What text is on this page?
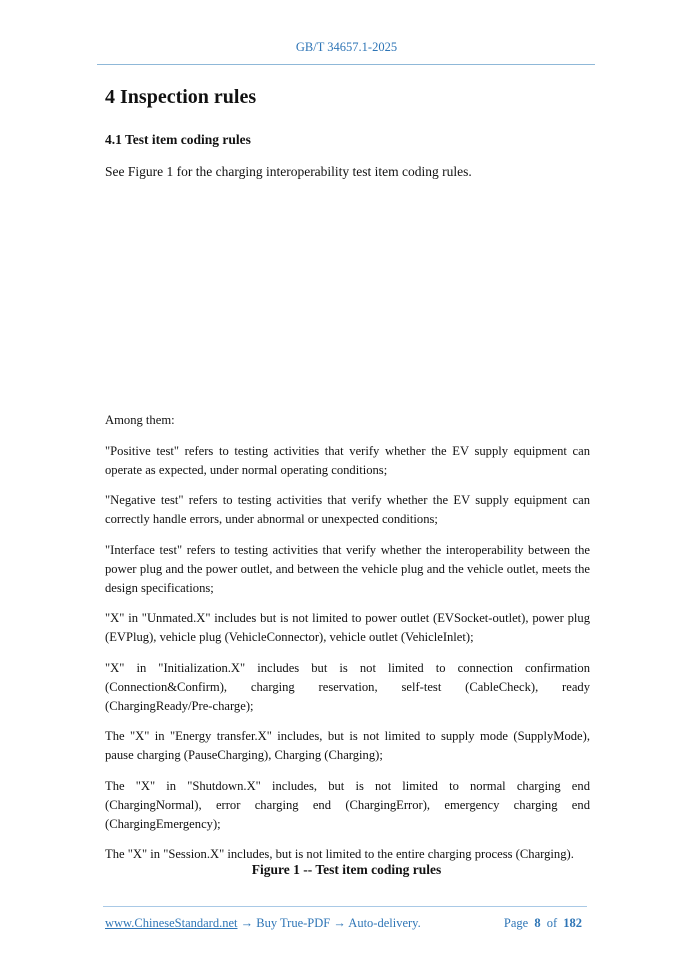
GB/T 34657.1-2025
4 Inspection rules
4.1 Test item coding rules

See Figure 1 for the charging interoperability test item coding rules.

Among them:

"Positive test" refers to testing activities that verify whether the EV supply equipment can operate as expected, under normal operating conditions;

"Negative test" refers to testing activities that verify whether the EV supply equipment can correctly handle errors, under abnormal or unexpected conditions;

"Interface test" refers to testing activities that verify whether the interoperability between the power plug and the power outlet, and between the vehicle plug and the vehicle outlet, meets the design specifications;

"X" in "Unmated.X" includes but is not limited to power outlet (EVSocket-outlet), power plug (EVPlug), vehicle plug (VehicleConnector), vehicle outlet (VehicleInlet);

"X" in "Initialization.X" includes but is not limited to connection confirmation (Connection&Confirm), charging reservation, self-test (CableCheck), ready (ChargingReady/Pre-charge);

The "X" in "Energy transfer.X" includes, but is not limited to supply mode (SupplyMode), pause charging (PauseCharging), Charging (Charging);

The "X" in "Shutdown.X" includes, but is not limited to normal charging end (ChargingNormal), error charging end (ChargingError), emergency charging end (ChargingEmergency);

The "X" in "Session.X" includes, but is not limited to the entire charging process (Charging).

Figure 1 -- Test item coding rules
www.ChineseStandard.net → Buy True-PDF → Auto-delivery.	Page 8 of 182
